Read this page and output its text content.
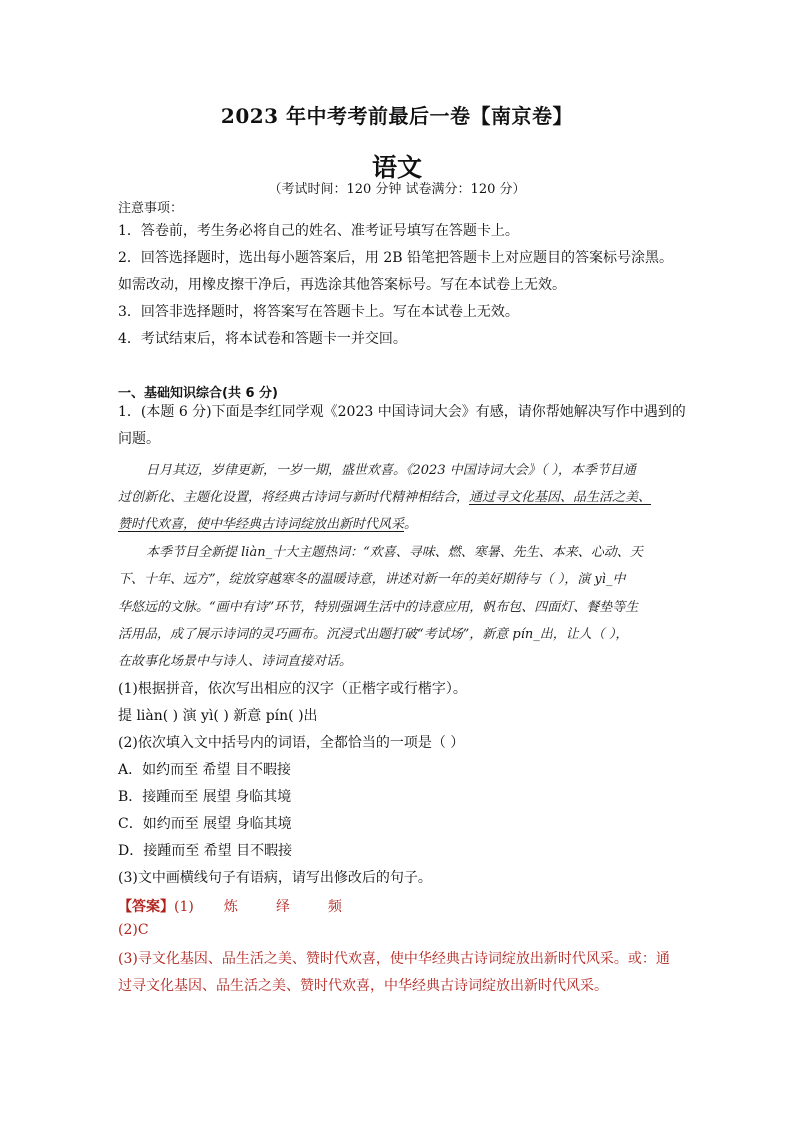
2023 年中考考前最后一卷【南京卷】
语文
（考试时间：120 分钟 试卷满分：120 分）
注意事项：
1．答卷前，考生务必将自己的姓名、准考证号填写在答题卡上。
2．回答选择题时，选出每小题答案后，用 2B 铅笔把答题卡上对应题目的答案标号涂黑。
如需改动，用橡皮擦干净后，再选涂其他答案标号。写在本试卷上无效。
3．回答非选择题时，将答案写在答题卡上。写在本试卷上无效。
4．考试结束后，将本试卷和答题卡一并交回。
一、基础知识综合(共 6 分)
1．(本题 6 分)下面是李红同学观《2023 中国诗词大会》有感，请你帮她解决写作中遇到的
问题。
日月其迈，岁律更新，一岁一期，盛世欢喜。《2023 中国诗词大会》（ ），本季节目通
过创新化、主题化设置，将经典古诗词与新时代精神相结合，通过寻文化基因、品生活之美、
赞时代欢喜，使中华经典古诗词绽放出新时代风采。
本季节目全新提 liàn_十大主题热词：“欢喜、寻味、燃、寒暑、先生、本来、心动、天
下、十年、远方”，绽放穿越寒冬的温暖诗意，讲述对新一年的美好期待与（ ），演 yì_中
华悠远的文脉。“画中有诗”环节，特别强调生活中的诗意应用，帆布包、四面灯、餐垫等生
活用品，成了展示诗词的灵巧画布。沉浸式出题打破“考试场”，新意 pín_出，让人（ ），
在故事化场景中与诗人、诗词直接对话。
(1)根据拼音，依次写出相应的汉字（正楷字或行楷字）。
提 liàn( ) 演 yì( ) 新意 pín( )出
(2)依次填入文中括号内的词语，全都恰当的一项是（ ）
A．如约而至 希望 目不暇接
B．接踵而至 展望 身临其境
C．如约而至 展望 身临其境
D．接踵而至 希望 目不暇接
(3)文中画横线句子有语病，请写出修改后的句子。
【答案】(1) 炼	绎	频
(2)C
(3)寻文化基因、品生活之美、赞时代欢喜，使中华经典古诗词绽放出新时代风采。或：通
过寻文化基因、品生活之美、赞时代欢喜，中华经典古诗词绽放出新时代风采。
